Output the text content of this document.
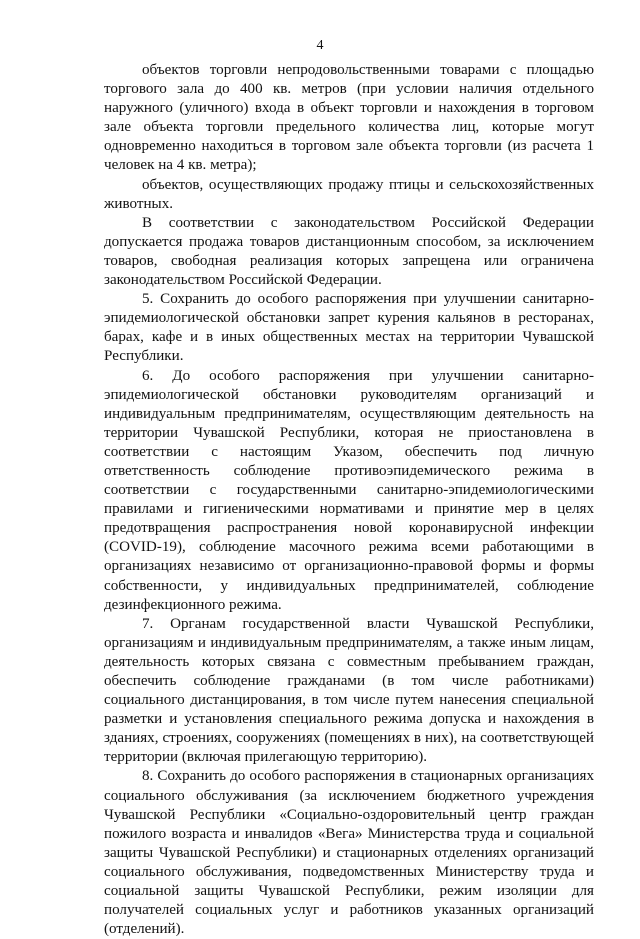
4

объектов торговли непродовольственными товарами с площадью торгового зала до 400 кв. метров (при условии наличия отдельного наружного (уличного) входа в объект торговли и нахождения в торговом зале объекта торговли предельного количества лиц, которые могут одновременно находиться в торговом зале объекта торговли (из расчета 1 человек на 4 кв. метра);

объектов, осуществляющих продажу птицы и сельскохозяйственных животных.

В соответствии с законодательством Российской Федерации допускается продажа товаров дистанционным способом, за исключением товаров, свободная реализация которых запрещена или ограничена законодательством Российской Федерации.

5. Сохранить до особого распоряжения при улучшении санитарно-эпидемиологической обстановки запрет курения кальянов в ресторанах, барах, кафе и в иных общественных местах на территории Чувашской Республики.

6. До особого распоряжения при улучшении санитарно-эпидемиологической обстановки руководителям организаций и индивидуальным предпринимателям, осуществляющим деятельность на территории Чувашской Республики, которая не приостановлена в соответствии с настоящим Указом, обеспечить под личную ответственность соблюдение противоэпидемического режима в соответствии с государственными санитарно-эпидемиологическими правилами и гигиеническими нормативами и принятие мер в целях предотвращения распространения новой коронавирусной инфекции (COVID-19), соблюдение масочного режима всеми работающими в организациях независимо от организационно-правовой формы и формы собственности, у индивидуальных предпринимателей, соблюдение дезинфекционного режима.

7. Органам государственной власти Чувашской Республики, организациям и индивидуальным предпринимателям, а также иным лицам, деятельность которых связана с совместным пребыванием граждан, обеспечить соблюдение гражданами (в том числе работниками) социального дистанцирования, в том числе путем нанесения специальной разметки и установления специального режима допуска и нахождения в зданиях, строениях, сооружениях (помещениях в них), на соответствующей территории (включая прилегающую территорию).

8. Сохранить до особого распоряжения в стационарных организациях социального обслуживания (за исключением бюджетного учреждения Чувашской Республики «Социально-оздоровительный центр граждан пожилого возраста и инвалидов «Вега» Министерства труда и социальной защиты Чувашской Республики) и стационарных отделениях организаций социального обслуживания, подведомственных Министерству труда и социальной защиты Чувашской Республики, режим изоляции для получателей социальных услуг и работников указанных организаций (отделений).
